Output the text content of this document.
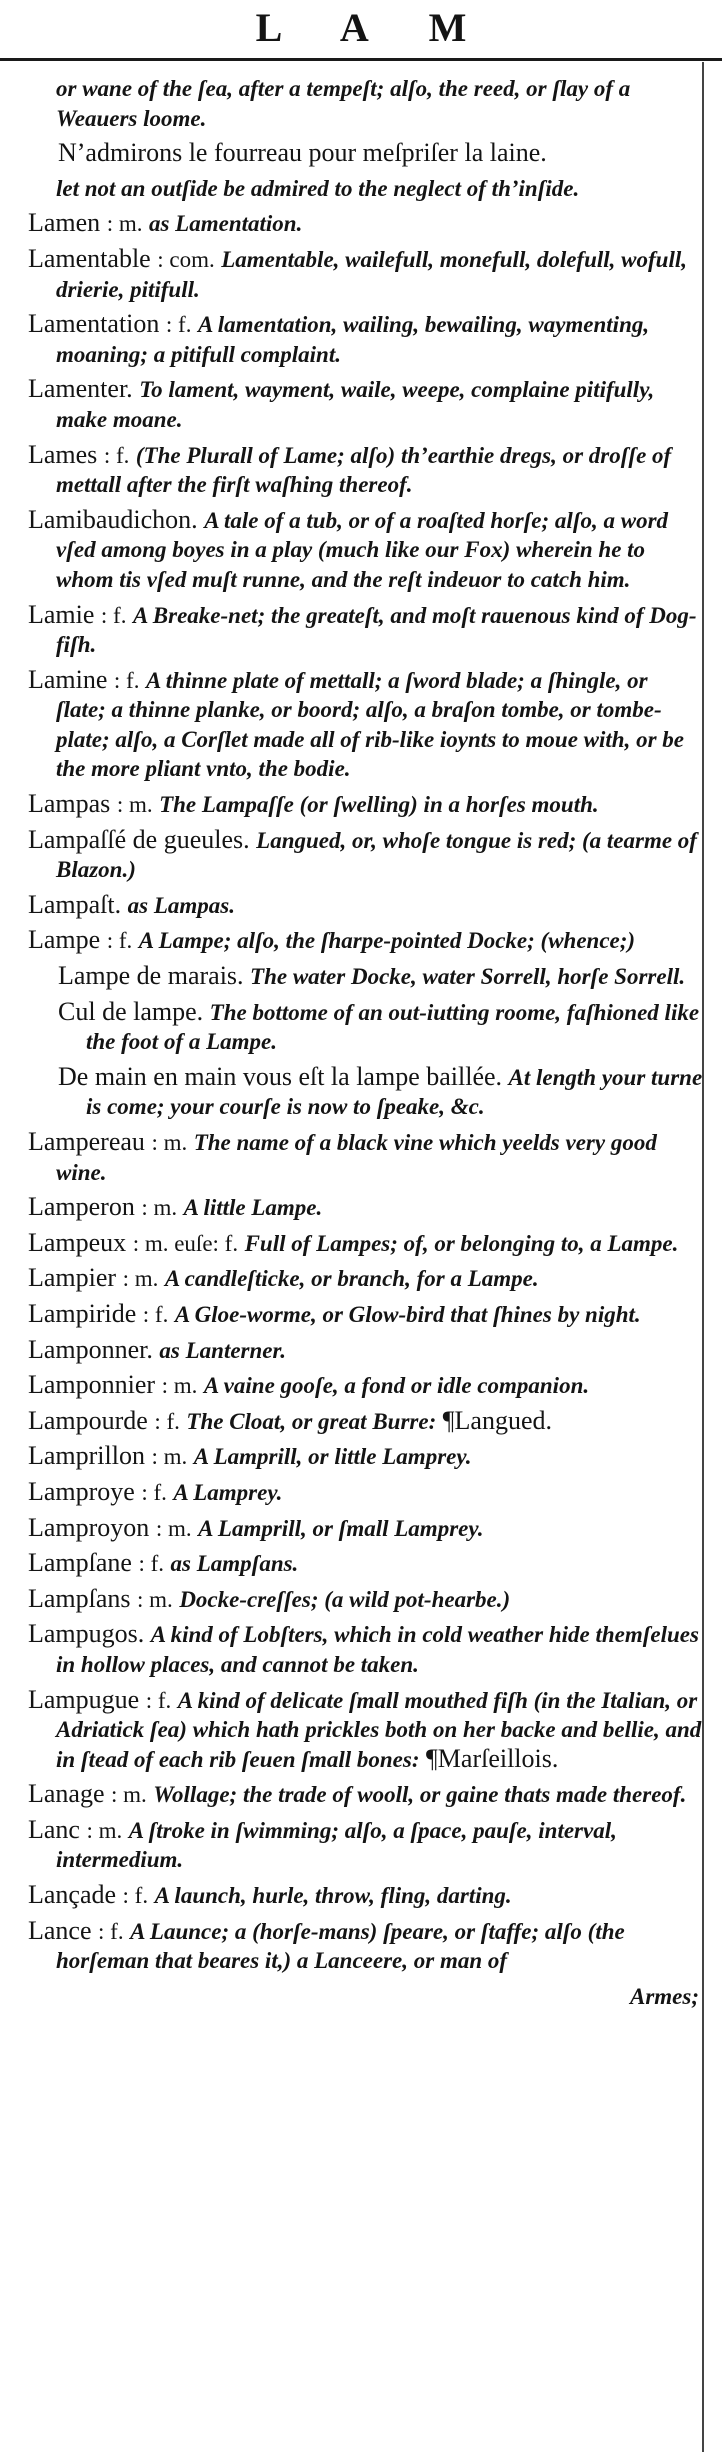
L A M
or wane of the ſea, after a tempeſt; alſo, the reed, or ſlay of a Weauers loome.
N’admirons le fourreau pour meſpriſer la laine.
let not an outſide be admired to the neglect of th’inſide.
Lamen : m. as Lamentation.
Lamentable : com. Lamentable, wailefull, monefull, dolefull, wofull, drierie, pitifull.
Lamentation : f. A lamentation, wailing, bewailing, waymenting, moaning; a pitifull complaint.
Lamenter. To lament, wayment, waile, weepe, complaine pitifully, make moane.
Lames : f. (The Plurall of Lame; alſo) th’earthie dregs, or droſſe of mettall after the firſt waſhing thereof.
Lamibaudichon. A tale of a tub, or of a roaſted horſe; alſo, a word vſed among boyes in a play (much like our Fox) wherein he to whom tis vſed muſt runne, and the reſt indeuor to catch him.
Lamie : f. A Breake-net; the greateſt, and moſt rauenous kind of Dog-fiſh.
Lamine : f. A thinne plate of mettall; a ſword blade; a ſhingle, or ſlate; a thinne planke, or boord; alſo, a braſon tombe, or tombe-plate; alſo, a Corſlet made all of rib-like ioynts to moue with, or be the more pliant vnto, the bodie.
Lampas : m. The Lampaſſe (or ſwelling) in a horſes mouth.
Lampaſſé de gueules. Langued, or, whoſe tongue is red; (a tearme of Blazon.)
Lampaſt. as Lampas.
Lampe : f. A Lampe; alſo, the ſharpe-pointed Docke; (whence;)
Lampe de marais. The water Docke, water Sorrell, horſe Sorrell.
Cul de lampe. The bottome of an out-iutting roome, faſhioned like the foot of a Lampe.
De main en main vous eſt la lampe baillée. At length your turne is come; your courſe is now to ſpeake, &c.
Lampereau : m. The name of a black vine which yeelds very good wine.
Lamperon : m. A little Lampe.
Lampeux : m. euſe: f. Full of Lampes; of, or belonging to, a Lampe.
Lampier : m. A candleſticke, or branch, for a Lampe.
Lampiride : f. A Gloe-worme, or Glow-bird that ſhines by night.
Lamponner. as Lanterner.
Lamponnier : m. A vaine gooſe, a fond or idle companion.
Lampourde : f. The Cloat, or great Burre: ¶Langued.
Lamprillon : m. A Lamprill, or little Lamprey.
Lamproye : f. A Lamprey.
Lamproyon : m. A Lamprill, or ſmall Lamprey.
Lampſane : f. as Lampſans.
Lampſans : m. Docke-creſſes; (a wild pot-hearbe.)
Lampugos. A kind of Lobſters, which in cold weather hide themſelues in hollow places, and cannot be taken.
Lampugue : f. A kind of delicate ſmall mouthed fiſh (in the Italian, or Adriatick ſea) which hath prickles both on her backe and bellie, and in ſtead of each rib ſeuen ſmall bones: ¶Marſeillois.
Lanage : m. Wollage; the trade of wooll, or gaine thats made thereof.
Lanc : m. A ſtroke in ſwimming; alſo, a ſpace, pauſe, interval, intermedium.
Lançade : f. A launch, hurle, throw, fling, darting.
Lance : f. A Launce; a (horſe-mans) ſpeare, or ſtaffe; alſo (the horſeman that beares it,) a Lanceere, or man of
Armes;
